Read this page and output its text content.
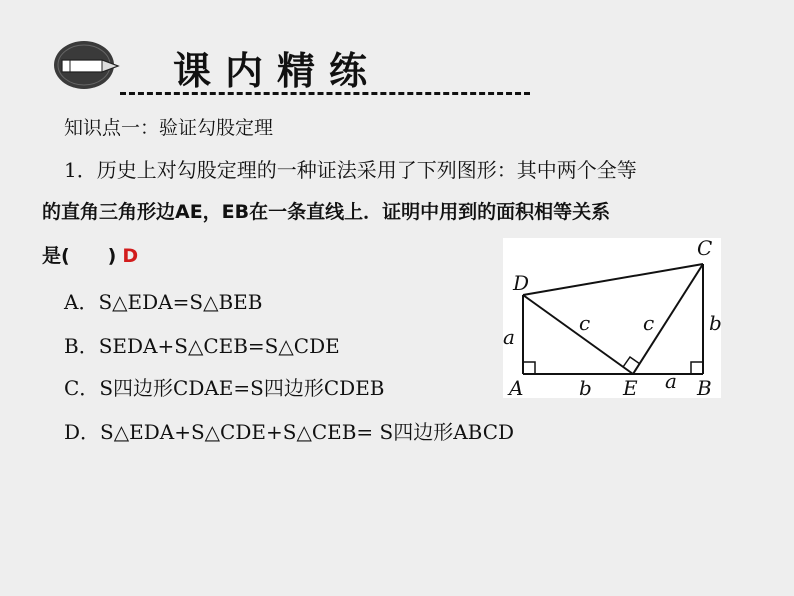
课内精练
知识点一：验证勾股定理
1．历史上对勾股定理的一种证法采用了下列图形：其中两个全等
的直角三角形边AE，EB在一条直线上．证明中用到的面积相等关系
是(　　) D
A．S△EDA=S△BEB
B．SEDA+S△CEB=S△CDE
C．S四边形CDAE=S四边形CDEB
D．S△EDA+S△CDE+S△CEB= S四边形ABCD
D
C
A	E	B
a
b	a
b
c	c
